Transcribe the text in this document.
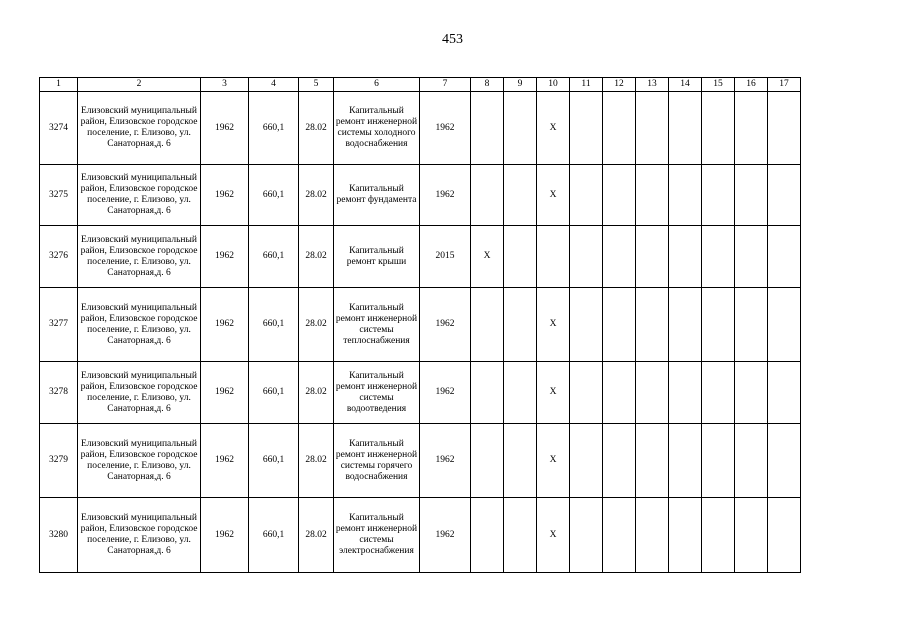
453
1	2	3	4	5	6	7	8	9	10	11	12	13	14	15	16	17
3274	Елизовский муниципальный район, Елизовское городское поселение, г. Елизово, ул. Санаторная,д. 6	1962	660,1	28.02	Капитальный ремонт инженерной системы холодного водоснабжения	1962			X							
3275	Елизовский муниципальный район, Елизовское городское поселение, г. Елизово, ул. Санаторная,д. 6	1962	660,1	28.02	Капитальный ремонт фундамента	1962			X							
3276	Елизовский муниципальный район, Елизовское городское поселение, г. Елизово, ул. Санаторная,д. 6	1962	660,1	28.02	Капитальный ремонт крыши	2015	X									
3277	Елизовский муниципальный район, Елизовское городское поселение, г. Елизово, ул. Санаторная,д. 6	1962	660,1	28.02	Капитальный ремонт инженерной системы теплоснабжения	1962			X							
3278	Елизовский муниципальный район, Елизовское городское поселение, г. Елизово, ул. Санаторная,д. 6	1962	660,1	28.02	Капитальный ремонт инженерной системы водоотведения	1962			X							
3279	Елизовский муниципальный район, Елизовское городское поселение, г. Елизово, ул. Санаторная,д. 6	1962	660,1	28.02	Капитальный ремонт инженерной системы горячего водоснабжения	1962			X							
3280	Елизовский муниципальный район, Елизовское городское поселение, г. Елизово, ул. Санаторная,д. 6	1962	660,1	28.02	Капитальный ремонт инженерной системы электроснабжения	1962			X							
